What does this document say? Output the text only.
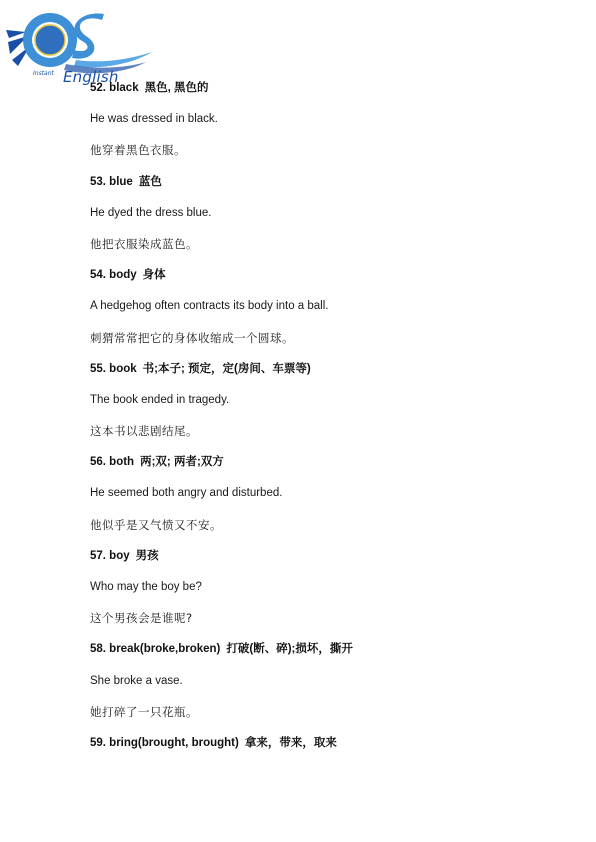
Instant English
52. black 黑色, 黑色的
He was dressed in black.
他穿着黑色衣服。
53. blue 蓝色
He dyed the dress blue.
他把衣服染成蓝色。
54. body 身体
A hedgehog often contracts its body into a ball.
刺猬常常把它的身体收缩成一个圆球。
55. book 书;本子; 预定，定(房间、车票等)
The book ended in tragedy.
这本书以悲剧结尾。
56. both 两;双; 两者;双方
He seemed both angry and disturbed.
他似乎是又气愤又不安。
57. boy 男孩
Who may the boy be?
这个男孩会是谁呢?
58. break(broke,broken) 打破(断、碎);损坏，撕开
She broke a vase.
她打碎了一只花瓶。
59. bring(brought, brought) 拿来，带来，取来
